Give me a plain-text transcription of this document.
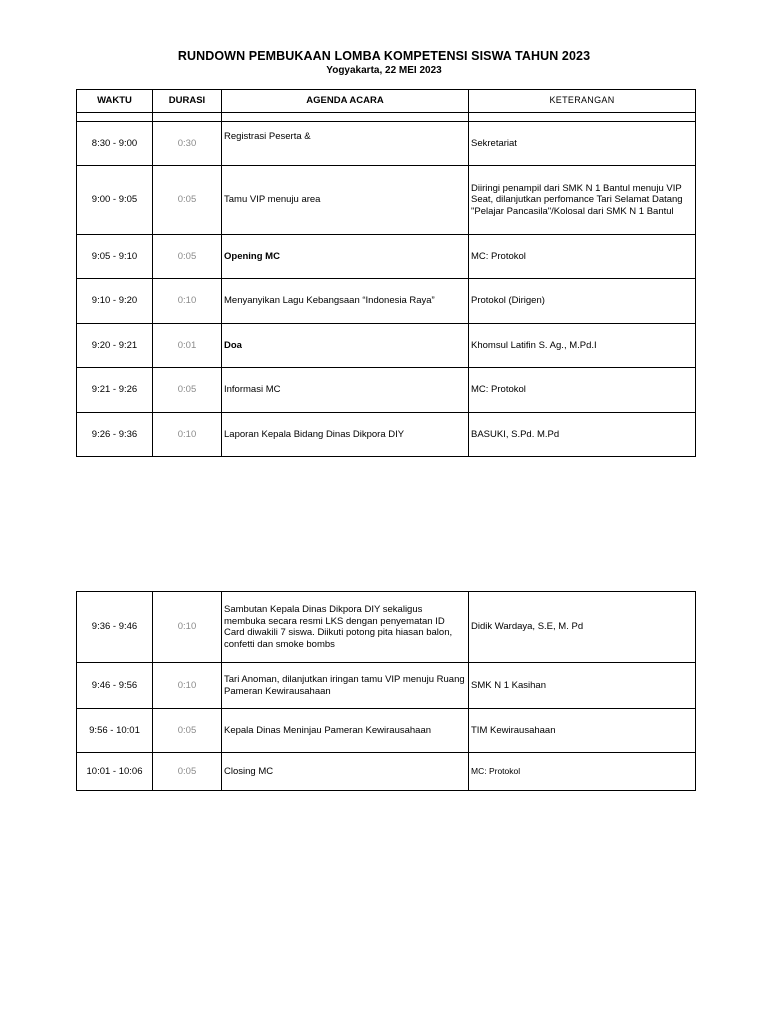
RUNDOWN PEMBUKAAN LOMBA KOMPETENSI SISWA TAHUN 2023
Yogyakarta, 22 MEI 2023
WAKTU	DURASI	AGENDA ACARA	KETERANGAN

8:30 - 9:00	0:30	Registrasi Peserta &	Sekretariat
9:00 - 9:05	0:05	Tamu VIP menuju area	Diiringi penampil dari SMK N 1 Bantul menuju VIP Seat, dilanjutkan perfomance Tari Selamat Datang "Pelajar Pancasila"/Kolosal dari SMK N 1 Bantul
9:05 - 9:10	0:05	Opening MC	MC: Protokol
9:10 - 9:20	0:10	Menyanyikan Lagu Kebangsaan “Indonesia Raya”	Protokol (Dirigen)
9:20 - 9:21	0:01	Doa	Khomsul Latifin S. Ag., M.Pd.I
9:21 - 9:26	0:05	Informasi MC	MC: Protokol
9:26 - 9:36	0:10	Laporan Kepala Bidang Dinas Dikpora DIY	BASUKI, S.Pd. M.Pd
9:36 - 9:46	0:10	Sambutan Kepala Dinas Dikpora DIY sekaligus membuka secara resmi LKS dengan penyematan ID Card diwakili 7 siswa. Diikuti potong pita hiasan balon, confetti dan smoke bombs	Didik Wardaya, S.E, M. Pd
9:46 - 9:56	0:10	Tari Anoman, dilanjutkan iringan tamu VIP menuju Ruang Pameran Kewirausahaan	SMK N 1 Kasihan
9:56 - 10:01	0:05	Kepala Dinas Meninjau Pameran Kewirausahaan	TIM Kewirausahaan
10:01 - 10:06	0:05	Closing MC	MC: Protokol
